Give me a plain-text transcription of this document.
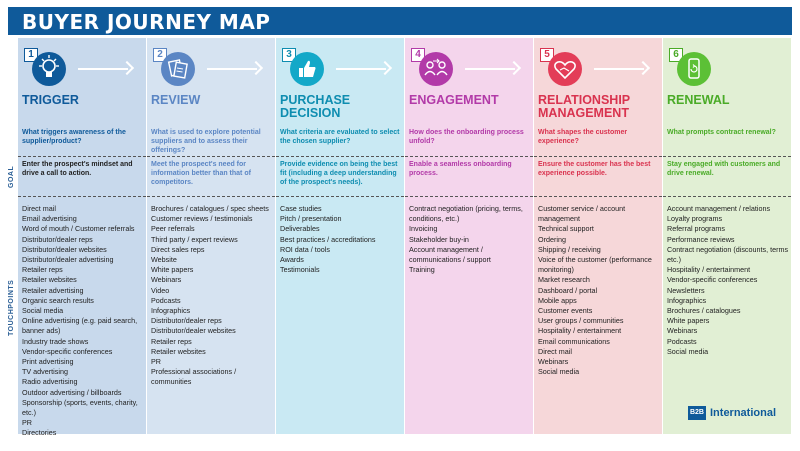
BUYER JOURNEY MAP
GOAL
TOUCHPOINTS
1
TRIGGER
What triggers awareness of the supplier/product?
Enter the prospect's mindset and drive a call to action.
Direct mail
Email advertising
Word of mouth / Customer referrals
Distributor/dealer reps
Distributor/dealer websites
Distributor/dealer advertising
Retailer reps
Retailer websites
Retailer advertising
Organic search results
Social media
Online advertising (e.g. paid search, banner ads)
Industry trade shows
Vendor-specific conferences
Print advertising
TV advertising
Radio advertising
Outdoor advertising / billboards
Sponsorship (sports, events, charity, etc.)
PR
Directories
2
REVIEW
What is used to explore potential suppliers and to assess their offerings?
Meet the prospect's need for information better than that of competitors.
Brochures / catalogues / spec sheets
Customer reviews / testimonials
Peer referrals
Third party / expert reviews
Direct sales reps
Website
White papers
Webinars
Video
Podcasts
Infographics
Distributor/dealer reps
Distributor/dealer websites
Retailer reps
Retailer websites
PR
Professional associations / communities
3
PURCHASE DECISION
What criteria are evaluated to select the chosen supplier?
Provide evidence on being the best fit (including a deep understanding of the prospect's needs).
Case studies
Pitch / presentation
Deliverables
Best practices / accreditations
ROI data / tools
Awards
Testimonials
4
ENGAGEMENT
How does the onboarding process unfold?
Enable a seamless onboarding process.
Contract negotiation (pricing, terms, conditions, etc.)
Invoicing
Stakeholder buy-in
Account management / communications / support
Training
5
RELATIONSHIP MANAGEMENT
What shapes the customer experience?
Ensure the customer has the best experience possible.
Customer service / account management
Technical support
Ordering
Shipping / receiving
Voice of the customer (performance monitoring)
Market research
Dashboard / portal
Mobile apps
Customer events
User groups / communities
Hospitality / entertainment
Email communications
Direct mail
Webinars
Social media
6
RENEWAL
What prompts contract renewal?
Stay engaged with customers and drive renewal.
Account management / relations
Loyalty programs
Referral programs
Performance reviews
Contract negotiation (discounts, terms etc.)
Hospitality / entertainment
Vendor-specific conferences
Newsletters
Infographics
Brochures / catalogues
White papers
Webinars
Podcasts
Social media
B2B International
